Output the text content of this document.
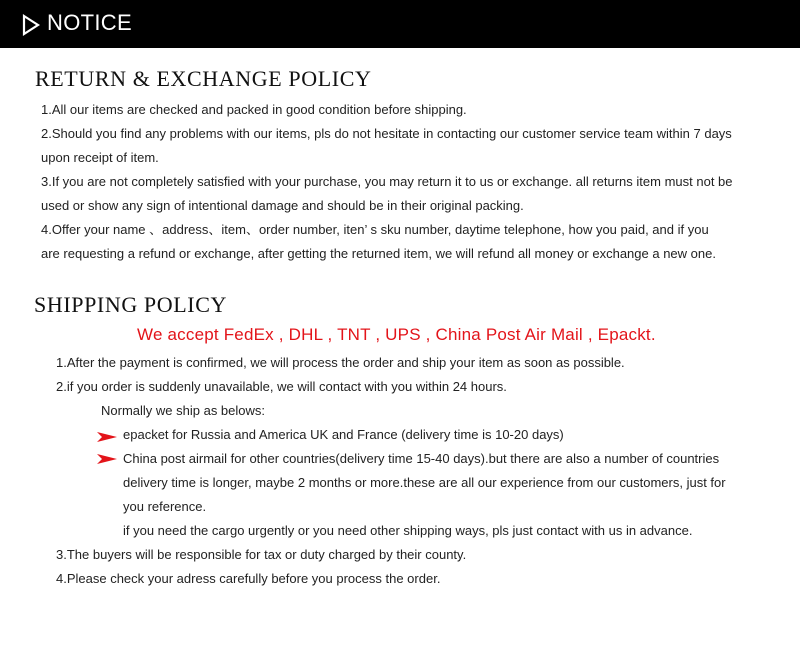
NOTICE
RETURN & EXCHANGE POLICY
1.All our items are checked and packed in good condition before shipping.
2.Should you find any problems with our items, pls do not hesitate in contacting our customer service team within 7 days
upon receipt of item.
3.If you are not completely satisfied with your purchase, you may return it to us or exchange. all returns item must not be
used or show any sign of intentional damage and should be in their original packing.
4.Offer your name 、address、item、order number, iten’ s sku number, daytime telephone, how you paid, and if you
are requesting a refund or exchange, after getting the returned item, we will refund all money or exchange a new one.
SHIPPING POLICY
We accept FedEx , DHL , TNT , UPS , China Post Air Mail , Epackt.
1.After the payment is confirmed, we will process the order and ship your item as soon as possible.
2.if you order is suddenly unavailable, we will contact with you within 24 hours.
Normally we ship as belows:
epacket for Russia and America UK and France (delivery time is 10-20 days)
China post airmail for other countries(delivery time 15-40 days).but there are also a number of countries
delivery time is longer, maybe 2 months or more.these are all our experience from our customers, just for
you reference.
if you need the cargo urgently or you need other shipping ways, pls just contact with us in advance.
3.The buyers will be responsible for tax or duty charged by their county.
4.Please check your adress carefully before you process the order.
